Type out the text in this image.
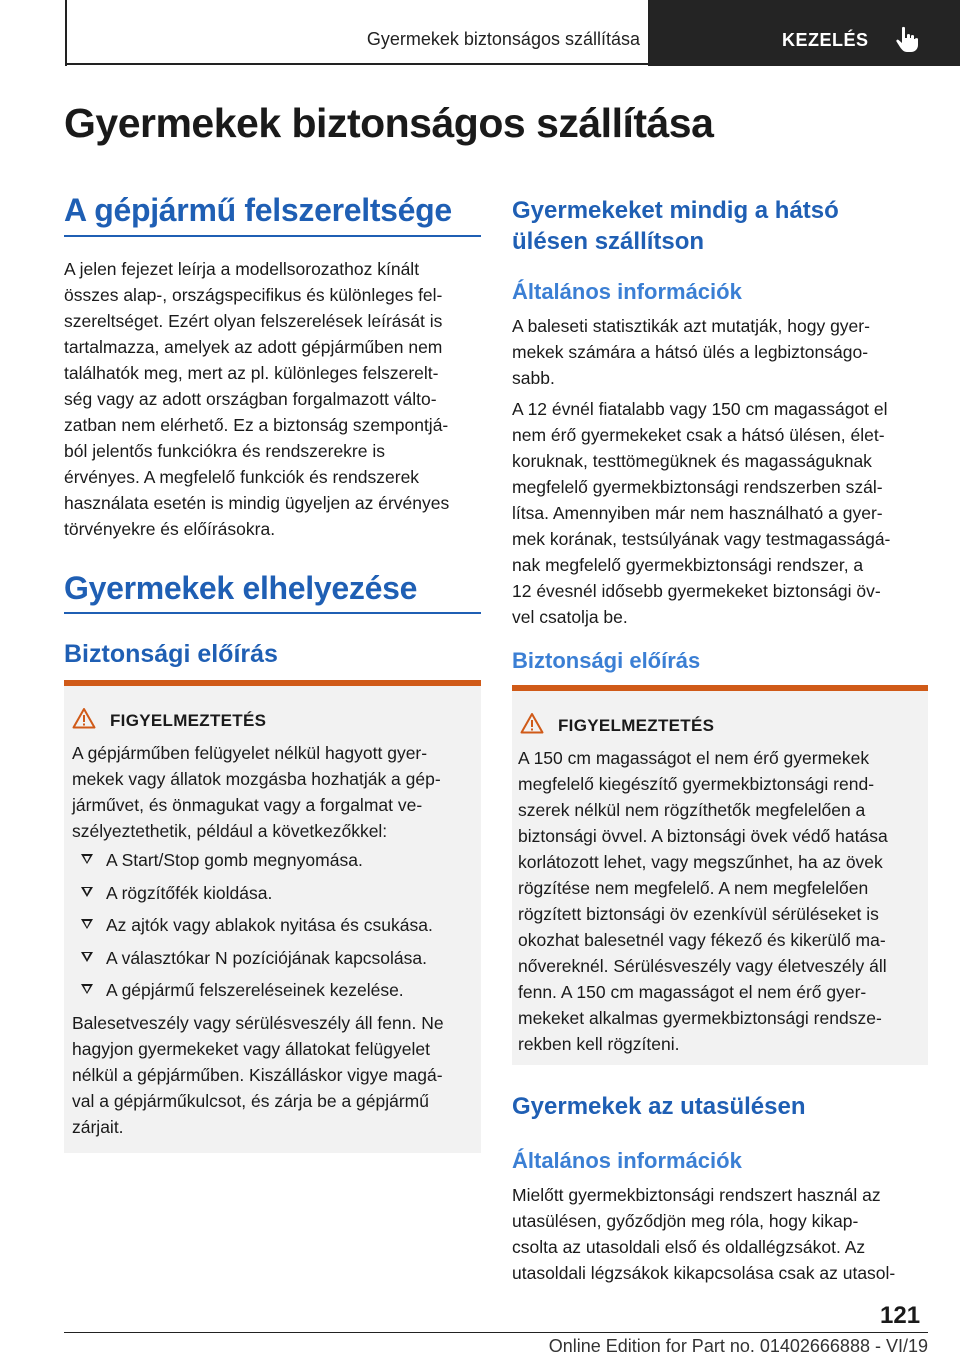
Gyermekek biztonságos szállítása	KEZELÉS
Gyermekek biztonságos szállítása
A gépjármű felszereltsége
A jelen fejezet leírja a modellsorozathoz kínált
összes alap-, országspecifikus és különleges fel-
szereltséget. Ezért olyan felszerelések leírását is
tartalmazza, amelyek az adott gépjárműben nem
találhatók meg, mert az pl. különleges felszerelt-
ség vagy az adott országban forgalmazott válto-
zatban nem elérhető. Ez a biztonság szempontjá-
ból jelentős funkciókra és rendszerekre is
érvényes. A megfelelő funkciók és rendszerek
használata esetén is mindig ügyeljen az érvényes
törvényekre és előírásokra.
Gyermekek elhelyezése
Biztonsági előírás
FIGYELMEZTETÉS
A gépjárműben felügyelet nélkül hagyott gyer-
mekek vagy állatok mozgásba hozhatják a gép-
járművet, és önmagukat vagy a forgalmat ve-
szélyeztethetik, például a következőkkel:
A Start/Stop gomb megnyomása.
A rögzítőfék kioldása.
Az ajtók vagy ablakok nyitása és csukása.
A választókar N pozíciójának kapcsolása.
A gépjármű felszereléseinek kezelése.
Balesetveszély vagy sérülésveszély áll fenn. Ne
hagyjon gyermekeket vagy állatokat felügyelet
nélkül a gépjárműben. Kiszálláskor vigye magá-
val a gépjárműkulcsot, és zárja be a gépjármű
zárjait.
Gyermekeket mindig a hátsó
ülésen szállítson
Általános információk
A baleseti statisztikák azt mutatják, hogy gyer-
mekek számára a hátsó ülés a legbiztonságo-
sabb.
A 12 évnél fiatalabb vagy 150 cm magasságot el
nem érő gyermekeket csak a hátsó ülésen, élet-
koruknak, testtömegüknek és magasságuknak
megfelelő gyermekbiztonsági rendszerben szál-
lítsa. Amennyiben már nem használható a gyer-
mek korának, testsúlyának vagy testmagasságá-
nak megfelelő gyermekbiztonsági rendszer, a
12 évesnél idősebb gyermekeket biztonsági öv-
vel csatolja be.
Biztonsági előírás
FIGYELMEZTETÉS
A 150 cm magasságot el nem érő gyermekek
megfelelő kiegészítő gyermekbiztonsági rend-
szerek nélkül nem rögzíthetők megfelelően a
biztonsági övvel. A biztonsági övek védő hatása
korlátozott lehet, vagy megszűnhet, ha az övek
rögzítése nem megfelelő. A nem megfelelően
rögzített biztonsági öv ezenkívül sérüléseket is
okozhat balesetnél vagy fékező és kikerülő ma-
nővereknél. Sérülésveszély vagy életveszély áll
fenn. A 150 cm magasságot el nem érő gyer-
mekeket alkalmas gyermekbiztonsági rendsze-
rekben kell rögzíteni.
Gyermekek az utasülésen
Általános információk
Mielőtt gyermekbiztonsági rendszert használ az
utasülésen, győződjön meg róla, hogy kikap-
csolta az utasoldali első és oldallégzsákot. Az
utasoldali légzsákok kikapcsolása csak az utasol-
121
Online Edition for Part no. 01402666888 - VI/19
